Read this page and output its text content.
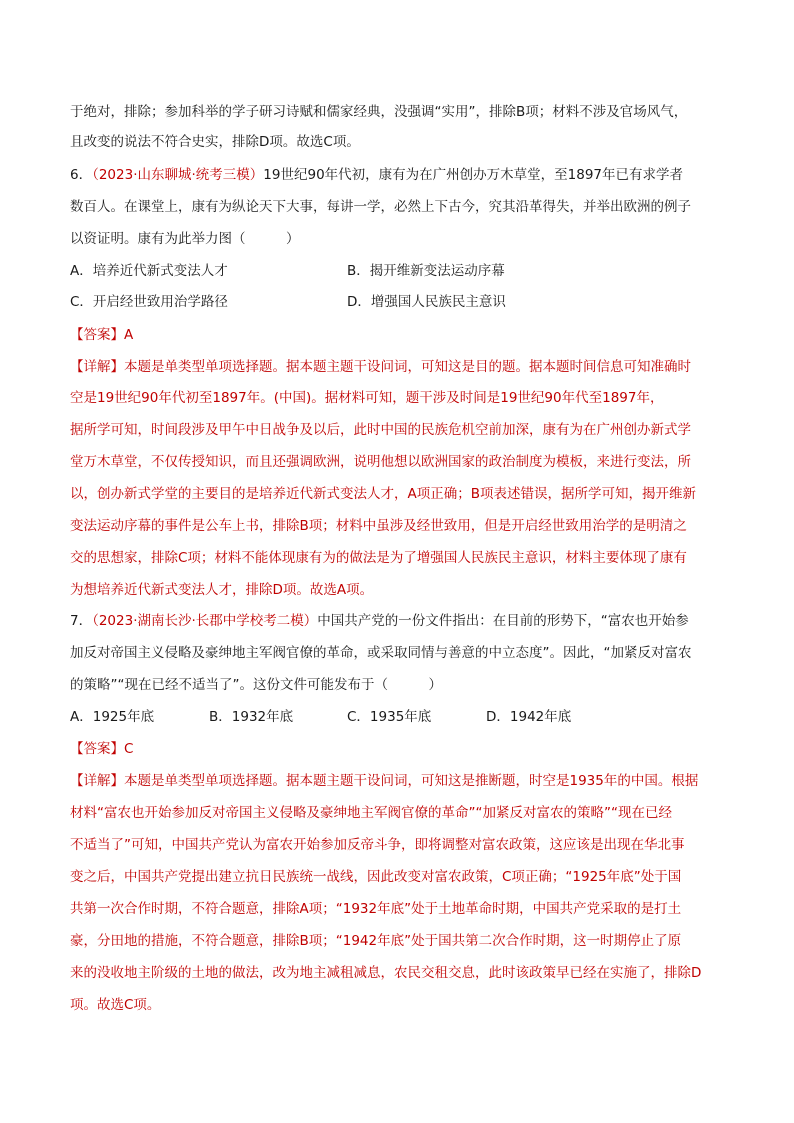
于绝对，排除；参加科举的学子研习诗赋和儒家经典，没强调“实用”，排除B项；材料不涉及官场风气，
且改变的说法不符合史实，排除D项。故选C项。
6．（2023·山东聊城·统考三模）19世纪90年代初，康有为在广州创办万木草堂，至1897年已有求学者
数百人。在课堂上，康有为纵论天下大事，每讲一学，必然上下古今，究其沿革得失，并举出欧洲的例子
以资证明。康有为此举力图（　　　）
A．培养近代新式变法人才	B．揭开维新变法运动序幕
C．开启经世致用治学路径	D．增强国人民族民主意识
【答案】A
【详解】本题是单类型单项选择题。据本题主题干设问词，可知这是目的题。据本题时间信息可知准确时
空是19世纪90年代初至1897年。(中国)。据材料可知，题干涉及时间是19世纪90年代至1897年，
据所学可知，时间段涉及甲午中日战争及以后，此时中国的民族危机空前加深，康有为在广州创办新式学
堂万木草堂，不仅传授知识，而且还强调欧洲，说明他想以欧洲国家的政治制度为模板，来进行变法，所
以，创办新式学堂的主要目的是培养近代新式变法人才，A项正确；B项表述错误，据所学可知，揭开维新
变法运动序幕的事件是公车上书，排除B项；材料中虽涉及经世致用，但是开启经世致用治学的是明清之
交的思想家，排除C项；材料不能体现康有为的做法是为了增强国人民族民主意识，材料主要体现了康有
为想培养近代新式变法人才，排除D项。故选A项。
7．（2023·湖南长沙·长郡中学校考二模）中国共产党的一份文件指出：在目前的形势下，“富农也开始参
加反对帝国主义侵略及豪绅地主军阀官僚的革命，或采取同情与善意的中立态度”。因此，“加紧反对富农
的策略”“现在已经不适当了”。这份文件可能发布于（　　　）
A．1925年底	B．1932年底	C．1935年底	D．1942年底
【答案】C
【详解】本题是单类型单项选择题。据本题主题干设问词，可知这是推断题，时空是1935年的中国。根据
材料“富农也开始参加反对帝国主义侵略及豪绅地主军阀官僚的革命”“加紧反对富农的策略”“现在已经
不适当了”可知，中国共产党认为富农开始参加反帝斗争，即将调整对富农政策，这应该是出现在华北事
变之后，中国共产党提出建立抗日民族统一战线，因此改变对富农政策，C项正确；“1925年底”处于国
共第一次合作时期，不符合题意，排除A项；“1932年底”处于土地革命时期，中国共产党采取的是打土
豪，分田地的措施，不符合题意，排除B项；“1942年底”处于国共第二次合作时期，这一时期停止了原
来的没收地主阶级的土地的做法，改为地主减租减息，农民交租交息，此时该政策早已经在实施了，排除D
项。故选C项。
